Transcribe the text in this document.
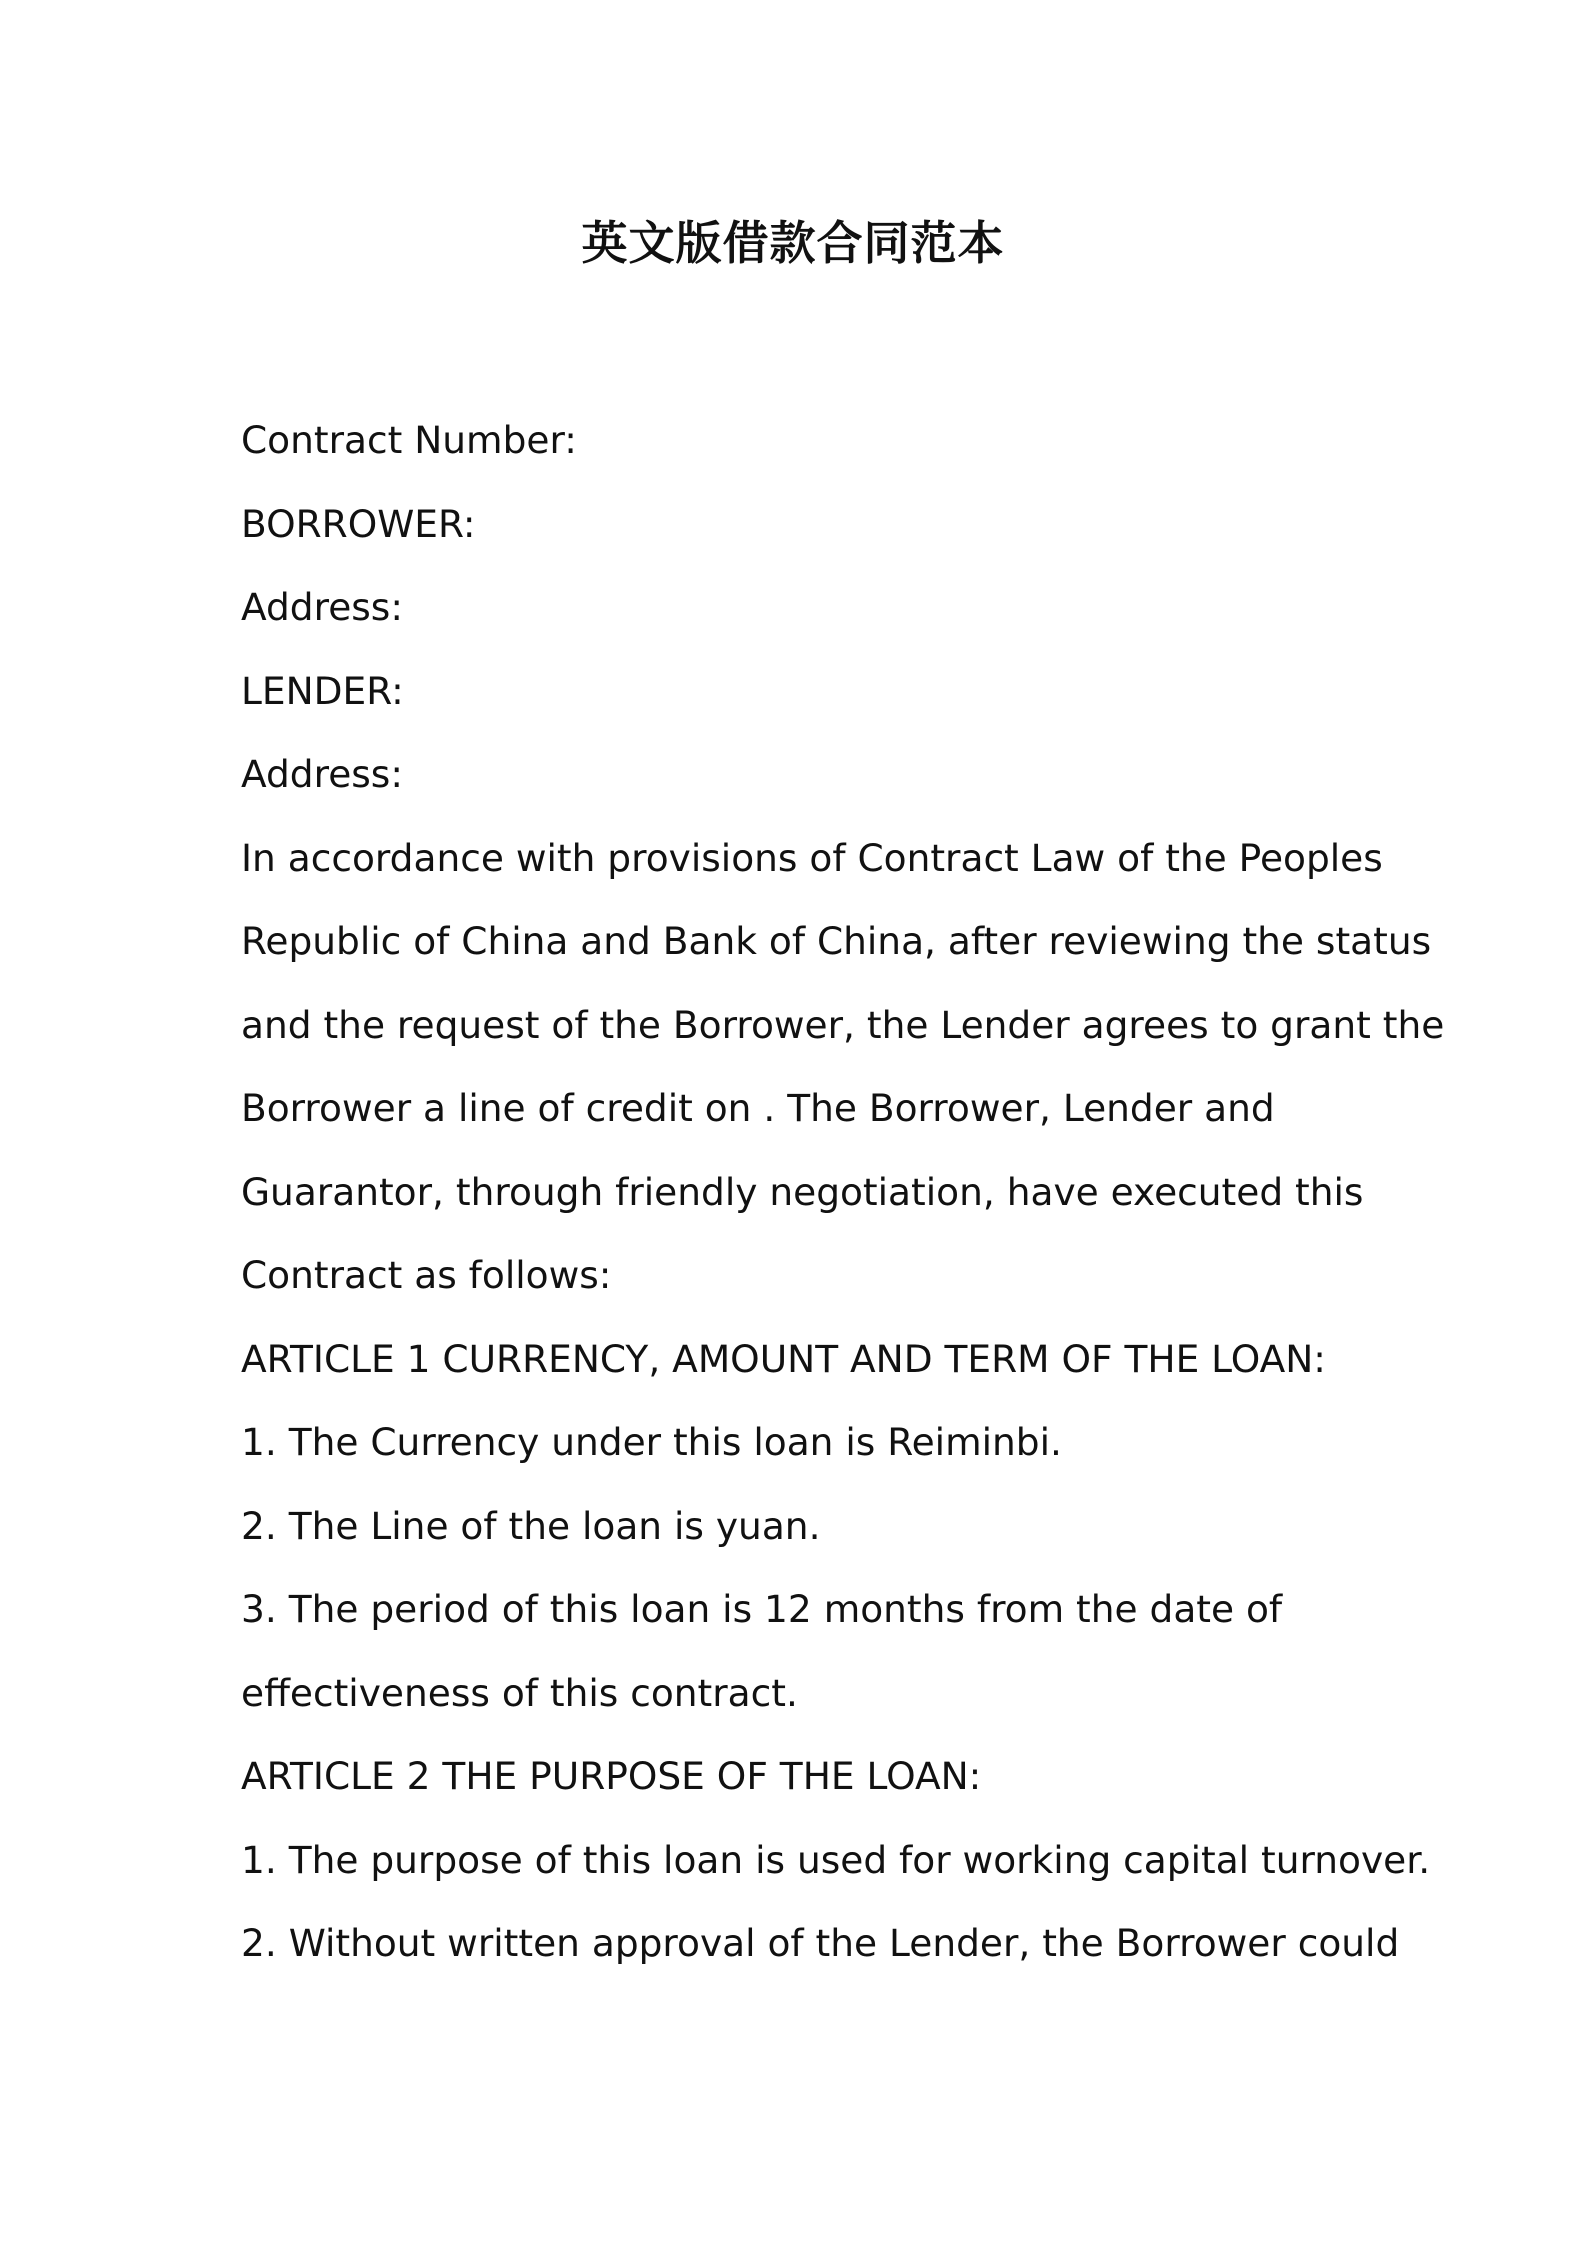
英文版借款合同范本
Contract Number:
BORROWER:
Address:
LENDER:
Address:
In accordance with provisions of Contract Law of the Peoples
Republic of China and Bank of China, after reviewing the status
and the request of the Borrower, the Lender agrees to grant the
Borrower a line of credit on . The Borrower, Lender and
Guarantor, through friendly negotiation, have executed this
Contract as follows:
ARTICLE 1 CURRENCY, AMOUNT AND TERM OF THE LOAN:
1. The Currency under this loan is Reiminbi.
2. The Line of the loan is yuan.
3. The period of this loan is 12 months from the date of
effectiveness of this contract.
ARTICLE 2 THE PURPOSE OF THE LOAN:
1. The purpose of this loan is used for working capital turnover.
2. Without written approval of the Lender, the Borrower could
